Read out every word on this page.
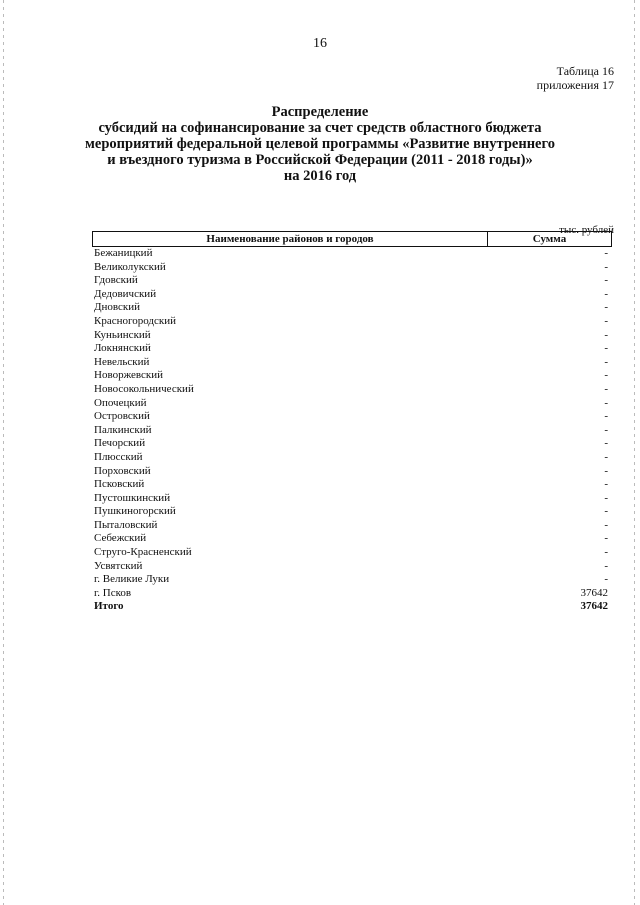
16
Таблица 16
приложения 17
Распределение
субсидий на софинансирование за счет средств областного бюджета
мероприятий федеральной целевой программы «Развитие внутреннего
и въездного туризма в Российской Федерации (2011 - 2018 годы)»
на 2016 год
тыс. рублей
Наименование районов и городов	Сумма
Бежаницкий	-
Великолукский	-
Гдовский	-
Дедовичский	-
Дновский	-
Красногородский	-
Куньинский	-
Локнянский	-
Невельский	-
Новоржевский	-
Новосокольнический	-
Опочецкий	-
Островский	-
Палкинский	-
Печорский	-
Плюсский	-
Порховский	-
Псковский	-
Пустошкинский	-
Пушкиногорский	-
Пыталовский	-
Себежский	-
Струго-Красненский	-
Усвятский	-
г. Великие Луки	-
г. Псков	37642
Итого	37642
